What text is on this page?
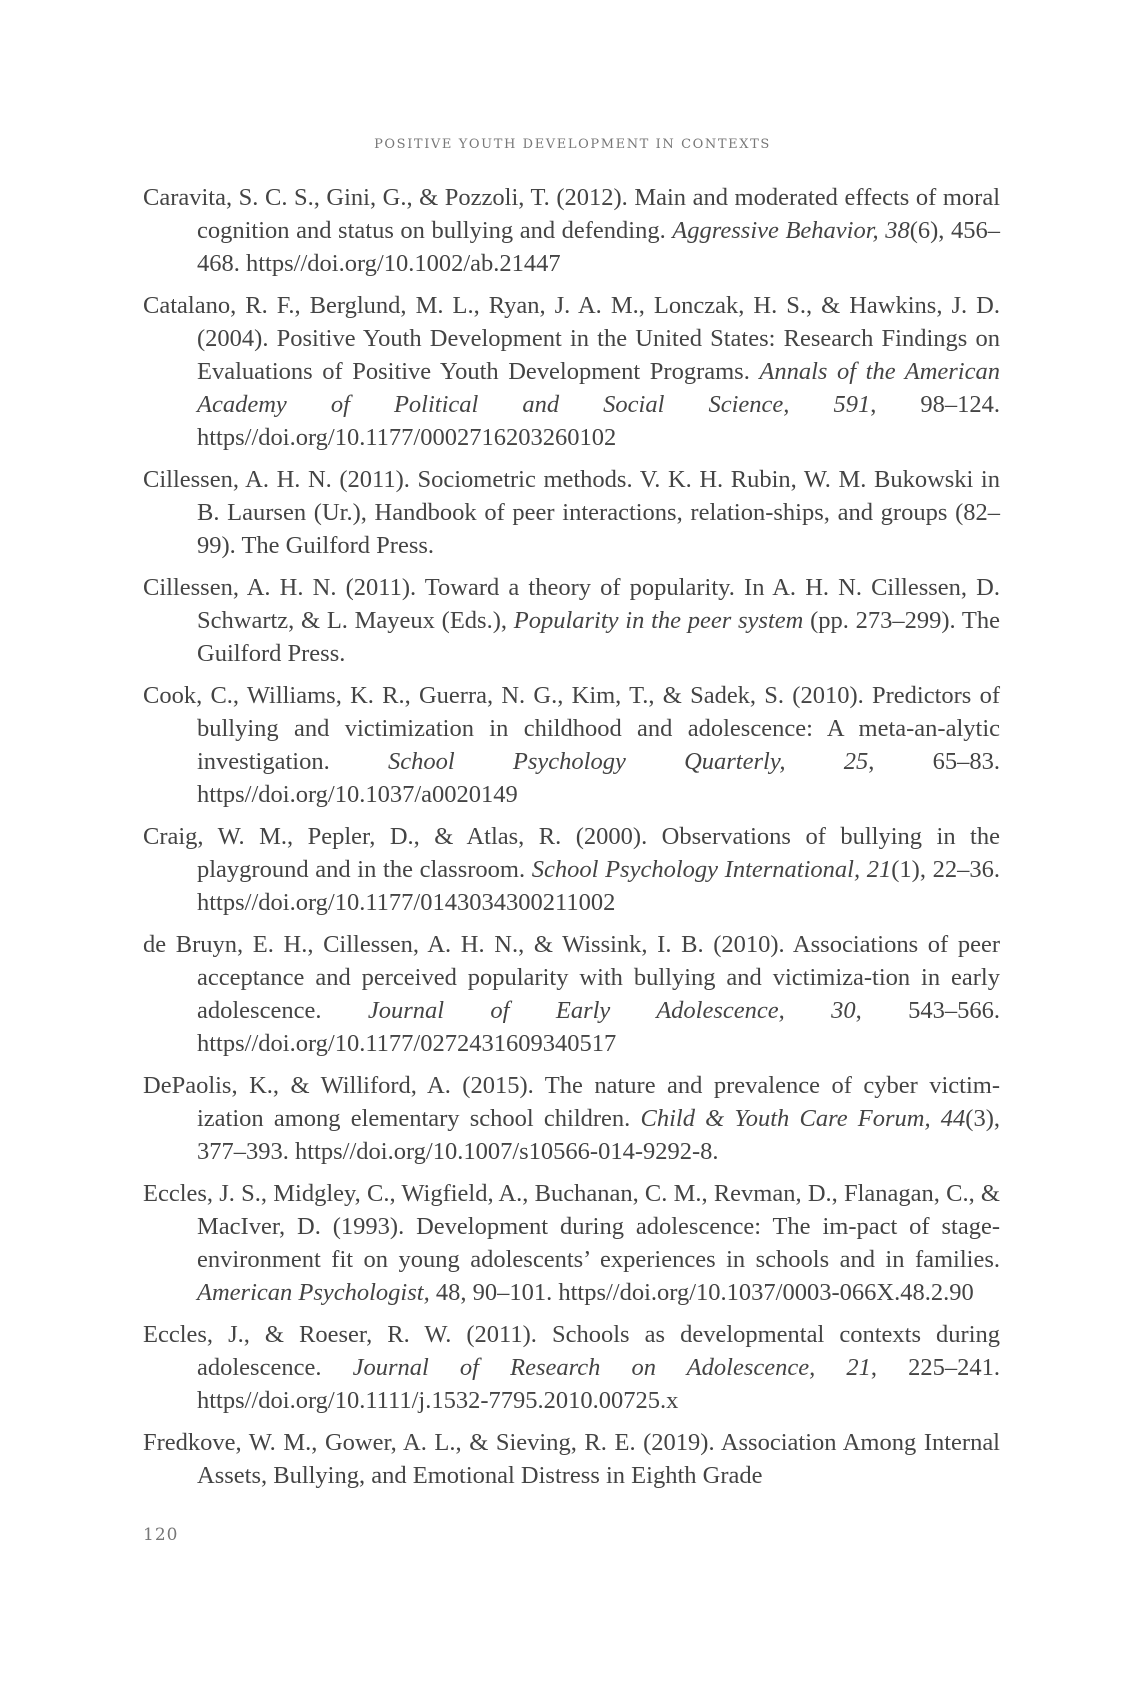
POSITIVE YOUTH DEVELOPMENT IN CONTEXTS

Caravita, S. C. S., Gini, G., & Pozzoli, T. (2012). Main and moderated effects of moral cognition and status on bullying and defending. Aggressive Behavior, 38(6), 456–468. https//doi.org/10.1002/ab.21447

Catalano, R. F., Berglund, M. L., Ryan, J. A. M., Lonczak, H. S., & Hawkins, J. D. (2004). Positive Youth Development in the United States: Research Findings on Evaluations of Positive Youth Development Programs. Annals of the American Academy of Political and Social Science, 591, 98–124. https//doi.org/10.1177/0002716203260102

Cillessen, A. H. N. (2011). Sociometric methods. V. K. H. Rubin, W. M. Bukowski in B. Laursen (Ur.), Handbook of peer interactions, relation-ships, and groups (82–99). The Guilford Press.

Cillessen, A. H. N. (2011). Toward a theory of popularity. In A. H. N. Cillessen, D. Schwartz, & L. Mayeux (Eds.), Popularity in the peer system (pp. 273–299). The Guilford Press.

Cook, C., Williams, K. R., Guerra, N. G., Kim, T., & Sadek, S. (2010). Predictors of bullying and victimization in childhood and adolescence: A meta-an-alytic investigation. School Psychology Quarterly, 25, 65–83. https//doi.org/10.1037/a0020149

Craig, W. M., Pepler, D., & Atlas, R. (2000). Observations of bullying in the playground and in the classroom. School Psychology International, 21(1), 22–36. https//doi.org/10.1177/0143034300211002

de Bruyn, E. H., Cillessen, A. H. N., & Wissink, I. B. (2010). Associations of peer acceptance and perceived popularity with bullying and victimiza-tion in early adolescence. Journal of Early Adolescence, 30, 543–566. https//doi.org/10.1177/0272431609340517

DePaolis, K., & Williford, A. (2015). The nature and prevalence of cyber victim-ization among elementary school children. Child & Youth Care Forum, 44(3), 377–393. https//doi.org/10.1007/s10566-014-9292-8.

Eccles, J. S., Midgley, C., Wigfield, A., Buchanan, C. M., Revman, D., Flanagan, C., & MacIver, D. (1993). Development during adolescence: The im-pact of stage-environment fit on young adolescents’ experiences in schools and in families. American Psychologist, 48, 90–101. https//doi.org/10.1037/0003-066X.48.2.90

Eccles, J., & Roeser, R. W. (2011). Schools as developmental contexts during adolescence. Journal of Research on Adolescence, 21, 225–241. https//doi.org/10.1111/j.1532-7795.2010.00725.x

Fredkove, W. M., Gower, A. L., & Sieving, R. E. (2019). Association Among Internal Assets, Bullying, and Emotional Distress in Eighth Grade

120
